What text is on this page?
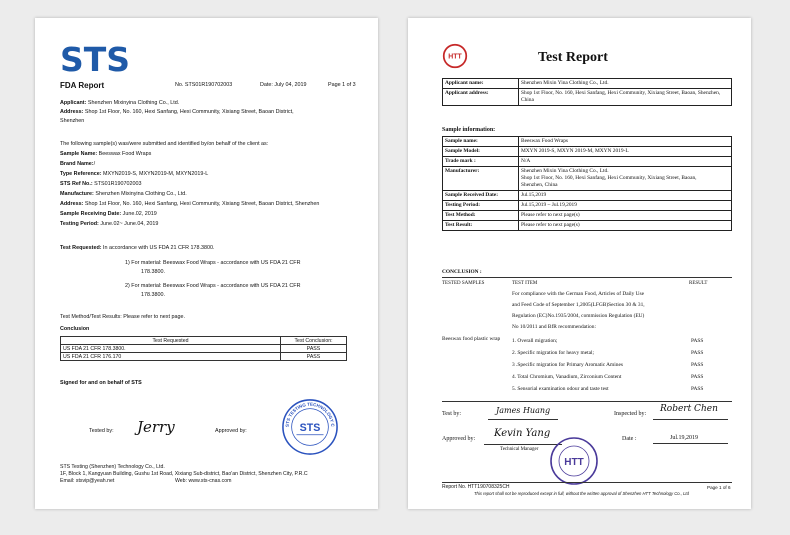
STS
FDA Report	No. STS01R190702003	Date: July 04, 2019	Page 1 of 3
Applicant: Shenzhen Mixinyina Clothing Co., Ltd.
Address: Shop 1st Floor, No. 160, Hexi Sanfang, Hexi Community, Xixiang Street, Baoan District,
Shenzhen
The following sample(s) was/were submitted and identified by/on behalf of the client as:
Sample Name: Beeswax Food Wraps
Brand Name:/
Type Reference: MXYN2019-S, MXYN2019-M, MXYN2019-L
STS Ref No.: STS01R190702003
Manufacture: Shenzhen Mixinyina Clothing Co., Ltd.
Address: Shop 1st Floor, No. 160, Hexi Sanfang, Hexi Community, Xixiang Street, Baoan District, Shenzhen
Sample Receiving Date: June.02, 2019
Testing Period: June.02~ June.04, 2019
Test Requested: In accordance with US FDA 21 CFR 178.3800.
1) For material: Beeswax Food Wraps - accordance with US FDA 21 CFR
178.3800.
2) For material: Beeswax Food Wraps - accordance with US FDA 21 CFR
178.3800.
Test Method/Test Results: Please refer to next page.
Conclusion
Test Requested	Test Conclusion:
US FDA 21 CFR 178.3800.	PASS
US FDA 21 CFR 176.170	PASS
Signed for and on behalf of STS
Tested by: Jerry	Approved by:
STS TESTING TECHNOLOGY C
STS
STS Testing (Shenzhen) Technology Co., Ltd.
1F, Block 1, Kangyuan Building, Gushu 1st Road, Xixiang Sub-district, Bao'an District, Shenzhen City, P.R.C
Email: stsvip@yeah.net	Web: www.sts-cnas.com
HTT	Test Report
Applicant name:	Shenzhen Mixin Yina Clothing Co., Ltd.
Applicant address:	Shop 1st Floor, No. 160, Hexi Sanfang, Hexi Community, Xixiang Street, Baoan, Shenzhen, China
Sample information:
Sample name:	Beeswax Food Wraps
Sample Model:	MXYN 2019-S, MXYN 2019-M, MXYN 2019-L
Trade mark :	N/A
Manufacturer:	Shenzhen Mixin Yina Clothing Co., Ltd.
Shop 1st Floor, No. 160, Hexi Sanfang, Hexi Community, Xixiang Street, Baoan,
Shenzhen, China
Sample Received Date:	Jul.15,2019
Testing Period:	Jul.15,2019 ~ Jul.19,2019
Test Method:	Please refer to next page(s)
Test Result:	Please refer to next page(s)
CONCLUSION :
TESTED SAMPLES	TEST ITEM	RESULT
For compliance with the German Food, Articles of Daily Use
and Feed Code of September 1,2005(LFGB)Section 30 & 31,
Regulation (EC)No.1935/2004, commission Regulation (EU)
No 10/2011 and BfR recommendation:
Beeswax food plastic wrap	1. Overall migration;	PASS
2. Specific migration for heavy metal;	PASS
3 .Specific migration for Primary Aromatic Amines	PASS
4. Total Chromium, Vanadium, Zirconium Content	PASS
5. Sensorial examination odour and taste test	PASS
Test by:	James Huang	Inspected by: Robert Chen
Approved by: Kevin Yang
Technical Manager
HTT
Date :	Jul.19,2019
Report No. HTT190708325CH	Page 1 of 6
This report shall not be reproduced except in full, without the written approval of Shenzhen HTT Technology Co., Ltd
